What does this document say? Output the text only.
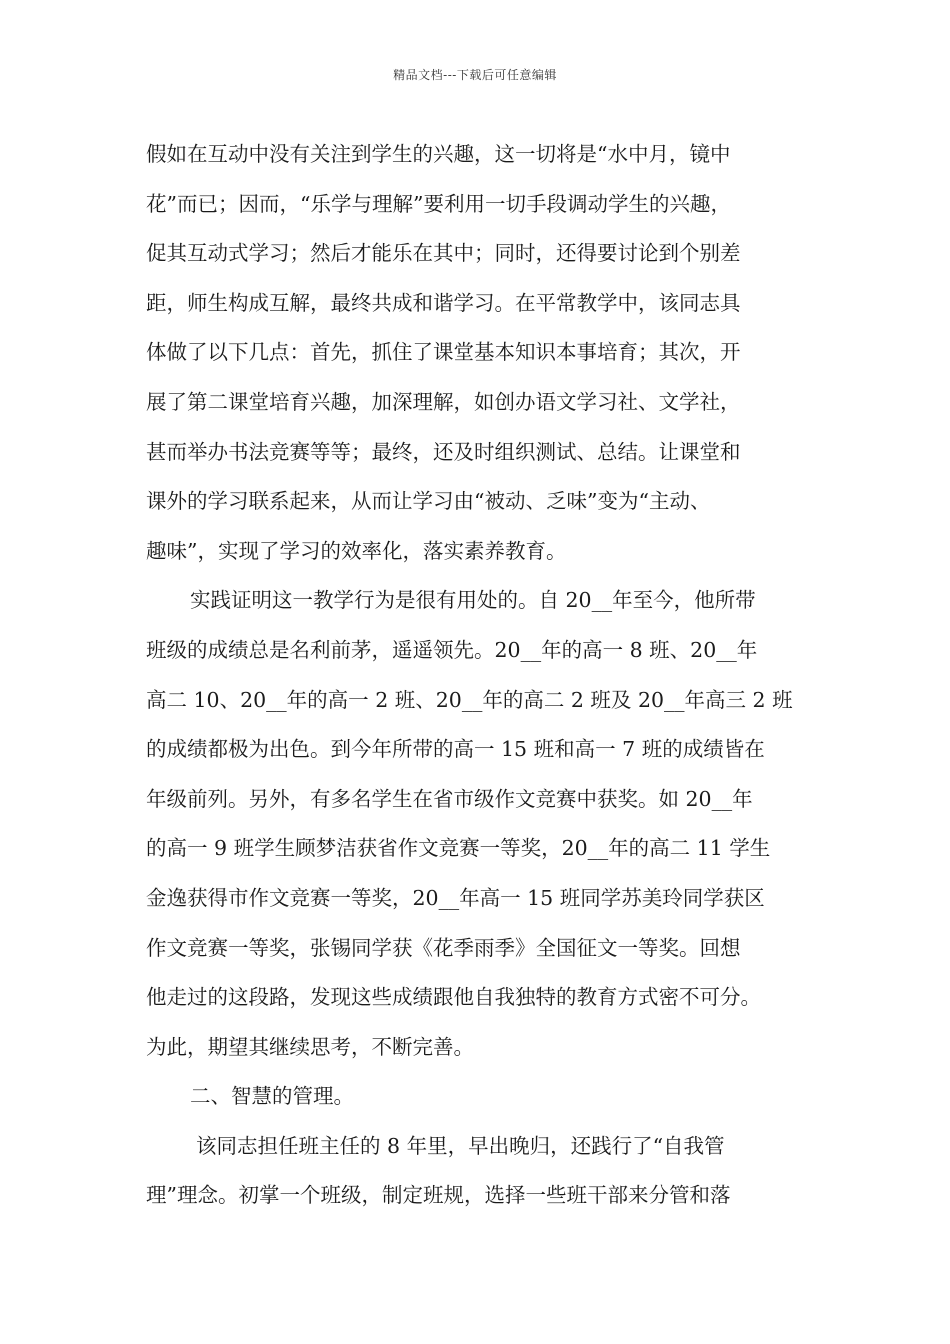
精品文档---下载后可任意编辑
假如在互动中没有关注到学生的兴趣，这一切将是“水中月，镜中
花”而已；因而，“乐学与理解”要利用一切手段调动学生的兴趣，
促其互动式学习；然后才能乐在其中；同时，还得要讨论到个别差
距，师生构成互解，最终共成和谐学习。在平常教学中，该同志具
体做了以下几点：首先，抓住了课堂基本知识本事培育；其次，开
展了第二课堂培育兴趣，加深理解，如创办语文学习社、文学社，
甚而举办书法竞赛等等；最终，还及时组织测试、总结。让课堂和
课外的学习联系起来，从而让学习由“被动、乏味”变为“主动、
趣味”，实现了学习的效率化，落实素养教育。
实践证明这一教学行为是很有用处的。自 20__年至今，他所带
班级的成绩总是名利前茅，遥遥领先。20__年的高一 8 班、20__年
高二 10、20__年的高一 2 班、20__年的高二 2 班及 20__年高三 2 班
的成绩都极为出色。到今年所带的高一 15 班和高一 7 班的成绩皆在
年级前列。另外，有多名学生在省市级作文竞赛中获奖。如 20__年
的高一 9 班学生顾梦洁获省作文竞赛一等奖，20__年的高二 11 学生
金逸获得市作文竞赛一等奖，20__年高一 15 班同学苏美玲同学获区
作文竞赛一等奖，张锡同学获《花季雨季》全国征文一等奖。回想
他走过的这段路，发现这些成绩跟他自我独特的教育方式密不可分。
为此，期望其继续思考，不断完善。
二、智慧的管理。
该同志担任班主任的 8 年里，早出晚归，还践行了“自我管
理”理念。初掌一个班级，制定班规，选择一些班干部来分管和落
